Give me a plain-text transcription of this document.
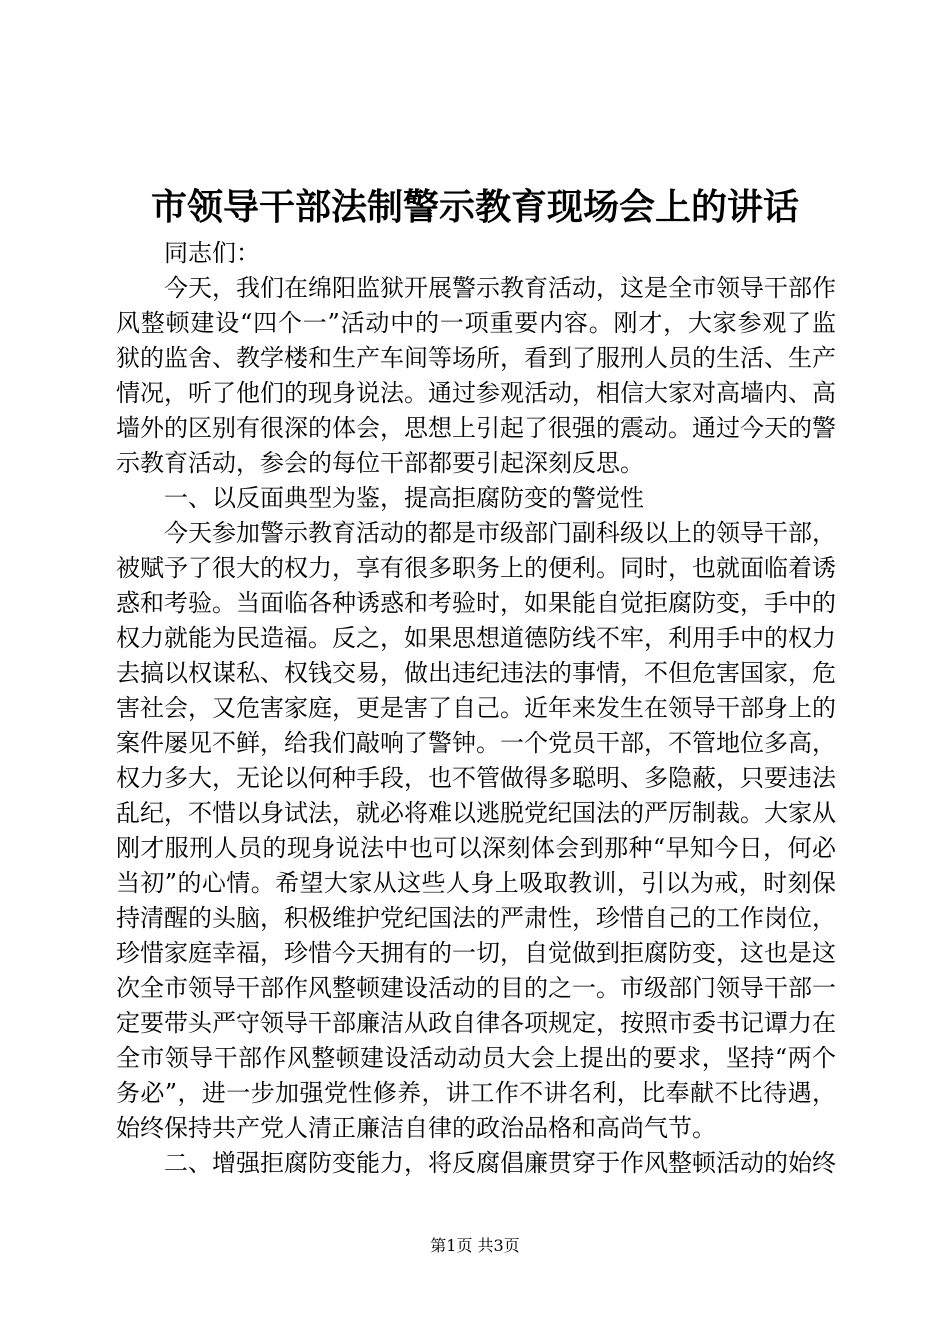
市领导干部法制警示教育现场会上的讲话

同志们：

今天，我们在绵阳监狱开展警示教育活动，这是全市领导干部作风整顿建设“四个一”活动中的一项重要内容。刚才，大家参观了监狱的监舍、教学楼和生产车间等场所，看到了服刑人员的生活、生产情况，听了他们的现身说法。通过参观活动，相信大家对高墙内、高墙外的区别有很深的体会，思想上引起了很强的震动。通过今天的警示教育活动，参会的每位干部都要引起深刻反思。

一、以反面典型为鉴，提高拒腐防变的警觉性

今天参加警示教育活动的都是市级部门副科级以上的领导干部，被赋予了很大的权力，享有很多职务上的便利。同时，也就面临着诱惑和考验。当面临各种诱惑和考验时，如果能自觉拒腐防变，手中的权力就能为民造福。反之，如果思想道德防线不牢，利用手中的权力去搞以权谋私、权钱交易，做出违纪违法的事情，不但危害国家，危害社会，又危害家庭，更是害了自己。近年来发生在领导干部身上的案件屡见不鲜，给我们敲响了警钟。一个党员干部，不管地位多高，权力多大，无论以何种手段，也不管做得多聪明、多隐蔽，只要违法乱纪，不惜以身试法，就必将难以逃脱党纪国法的严厉制裁。大家从刚才服刑人员的现身说法中也可以深刻体会到那种“早知今日，何必当初”的心情。希望大家从这些人身上吸取教训，引以为戒，时刻保持清醒的头脑，积极维护党纪国法的严肃性，珍惜自己的工作岗位，珍惜家庭幸福，珍惜今天拥有的一切，自觉做到拒腐防变，这也是这次全市领导干部作风整顿建设活动的目的之一。市级部门领导干部一定要带头严守领导干部廉洁从政自律各项规定，按照市委书记谭力在全市领导干部作风整顿建设活动动员大会上提出的要求，坚持“两个务必”，进一步加强党性修养，讲工作不讲名利，比奉献不比待遇，始终保持共产党人清正廉洁自律的政治品格和高尚气节。

二、增强拒腐防变能力，将反腐倡廉贯穿于作风整顿活动的始终

第1页 共3页
